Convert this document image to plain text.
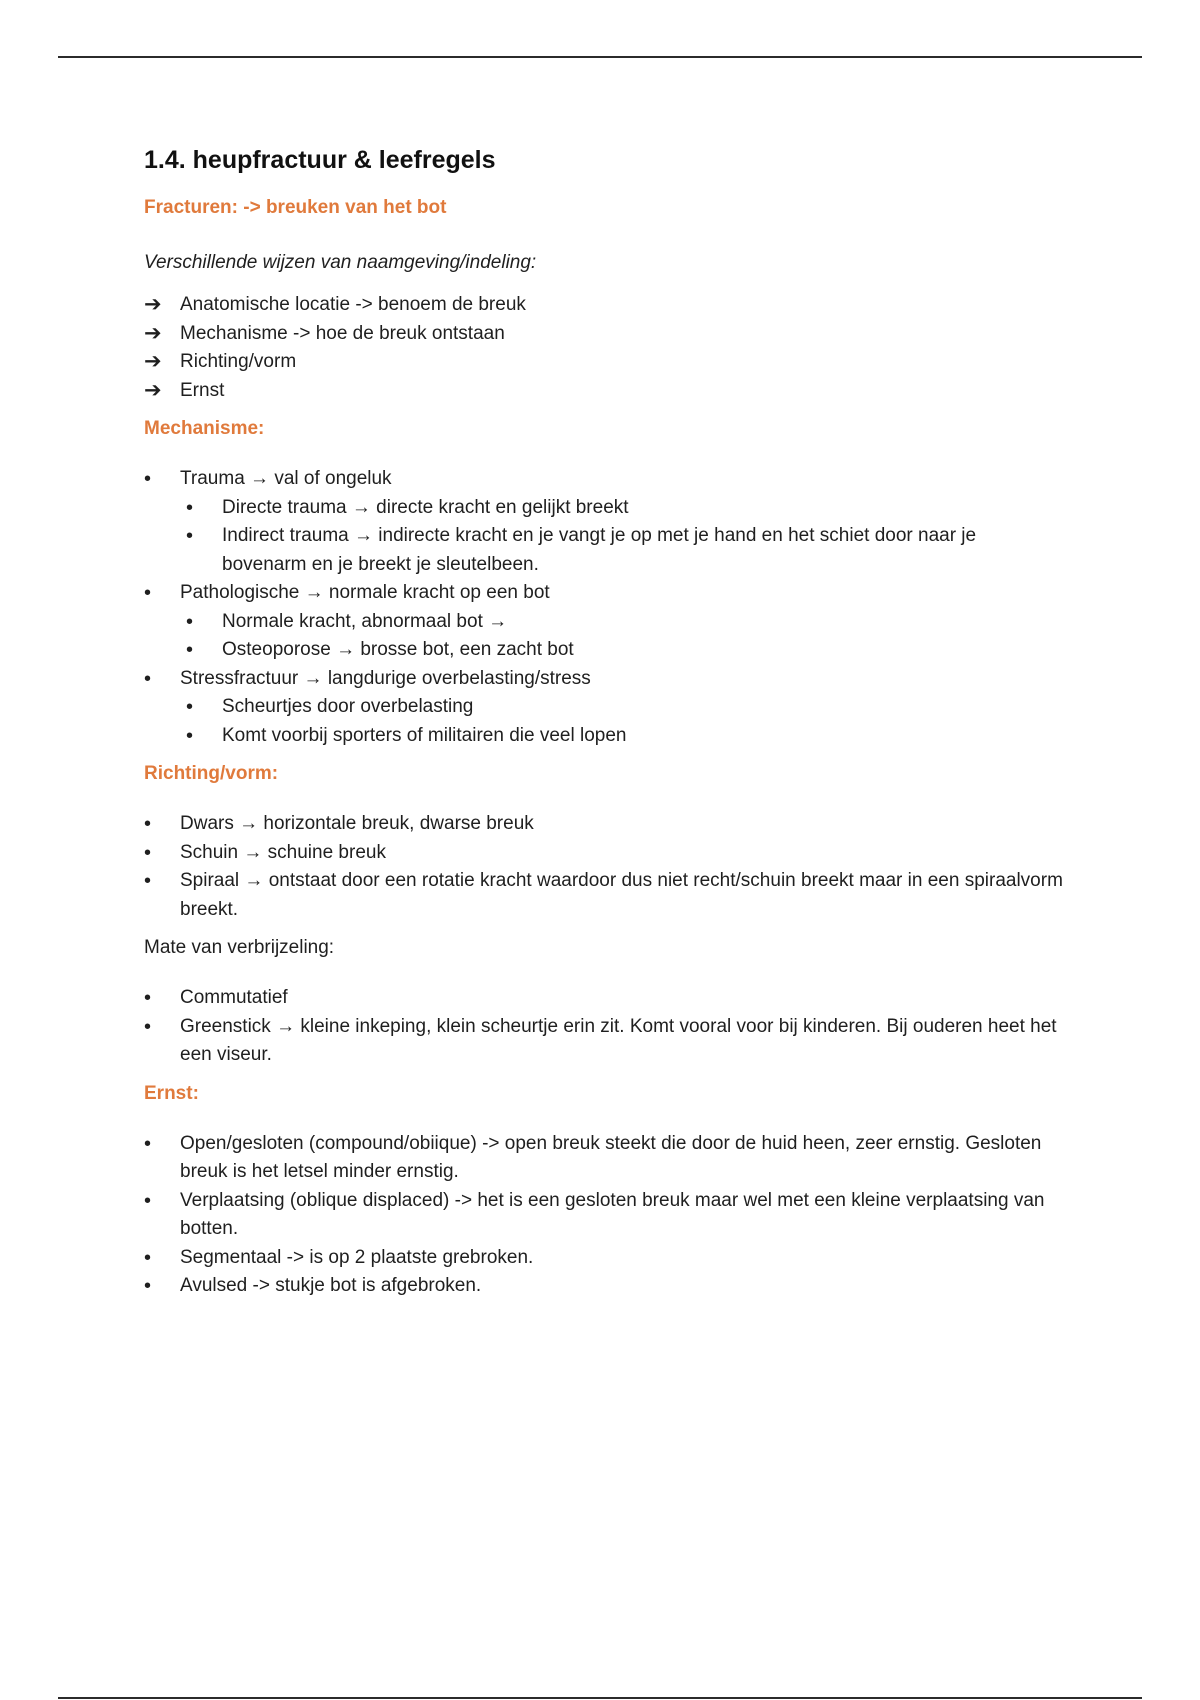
1.4. heupfractuur & leefregels
Fracturen: -> breuken van het bot
Verschillende wijzen van naamgeving/indeling:
➔ Anatomische locatie -> benoem de breuk
➔ Mechanisme -> hoe de breuk ontstaan
➔ Richting/vorm
➔ Ernst
Mechanisme:
• Trauma → val of ongeluk
• Directe trauma → directe kracht en gelijkt breekt
• Indirect trauma → indirecte kracht en je vangt je op met je hand en het schiet door naar je bovenarm en je breekt je sleutelbeen.
• Pathologische → normale kracht op een bot
• Normale kracht, abnormaal bot →
• Osteoporose → brosse bot, een zacht bot
• Stressfractuur → langdurige overbelasting/stress
• Scheurtjes door overbelasting
• Komt voorbij sporters of militairen die veel lopen
Richting/vorm:
• Dwars → horizontale breuk, dwarse breuk
• Schuin → schuine breuk
• Spiraal → ontstaat door een rotatie kracht waardoor dus niet recht/schuin breekt maar in een spiraalvorm breekt.
Mate van verbrijzeling:
• Commutatief
• Greenstick → kleine inkeping, klein scheurtje erin zit. Komt vooral voor bij kinderen. Bij ouderen heet het een viseur.
Ernst:
• Open/gesloten (compound/obiique) -> open breuk steekt die door de huid heen, zeer ernstig. Gesloten breuk is het letsel minder ernstig.
• Verplaatsing (oblique displaced) -> het is een gesloten breuk maar wel met een kleine verplaatsing van botten.
• Segmentaal -> is op 2 plaatste grebroken.
• Avulsed -> stukje bot is afgebroken.
